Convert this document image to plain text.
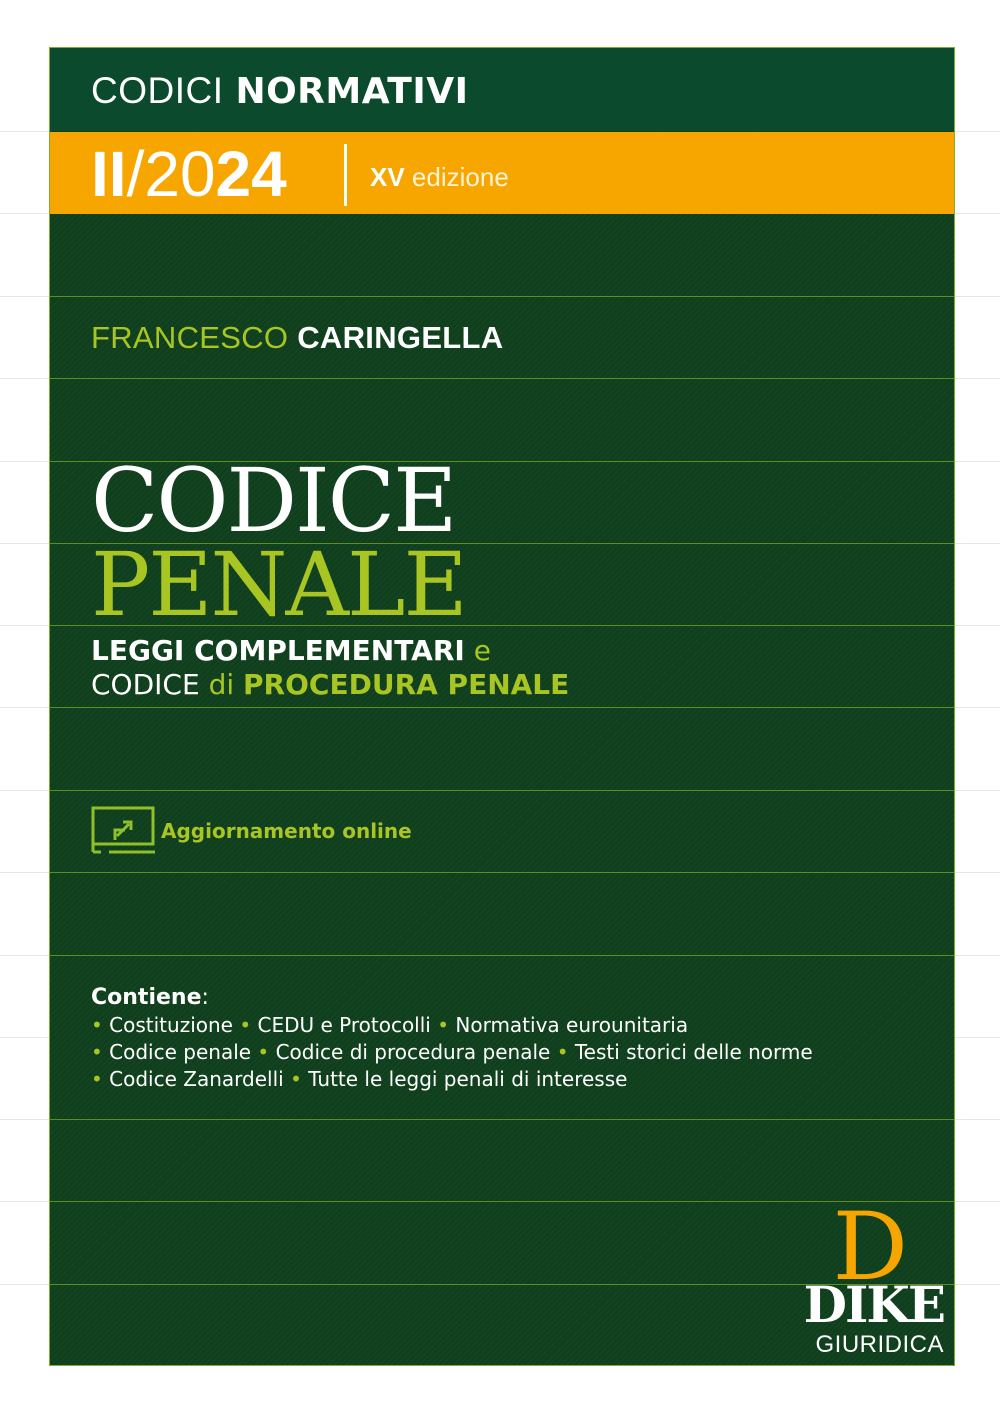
CODICI NORMATIVI
II/2024	XV edizione
FRANCESCO CARINGELLA
CODICE
PENALE
LEGGI COMPLEMENTARI e
CODICE di PROCEDURA PENALE
Aggiornamento online
Contiene:
• Costituzione • CEDU e Protocolli • Normativa eurounitaria
• Codice penale • Codice di procedura penale • Testi storici delle norme
• Codice Zanardelli • Tutte le leggi penali di interesse
D
DIKE
GIURIDICA
